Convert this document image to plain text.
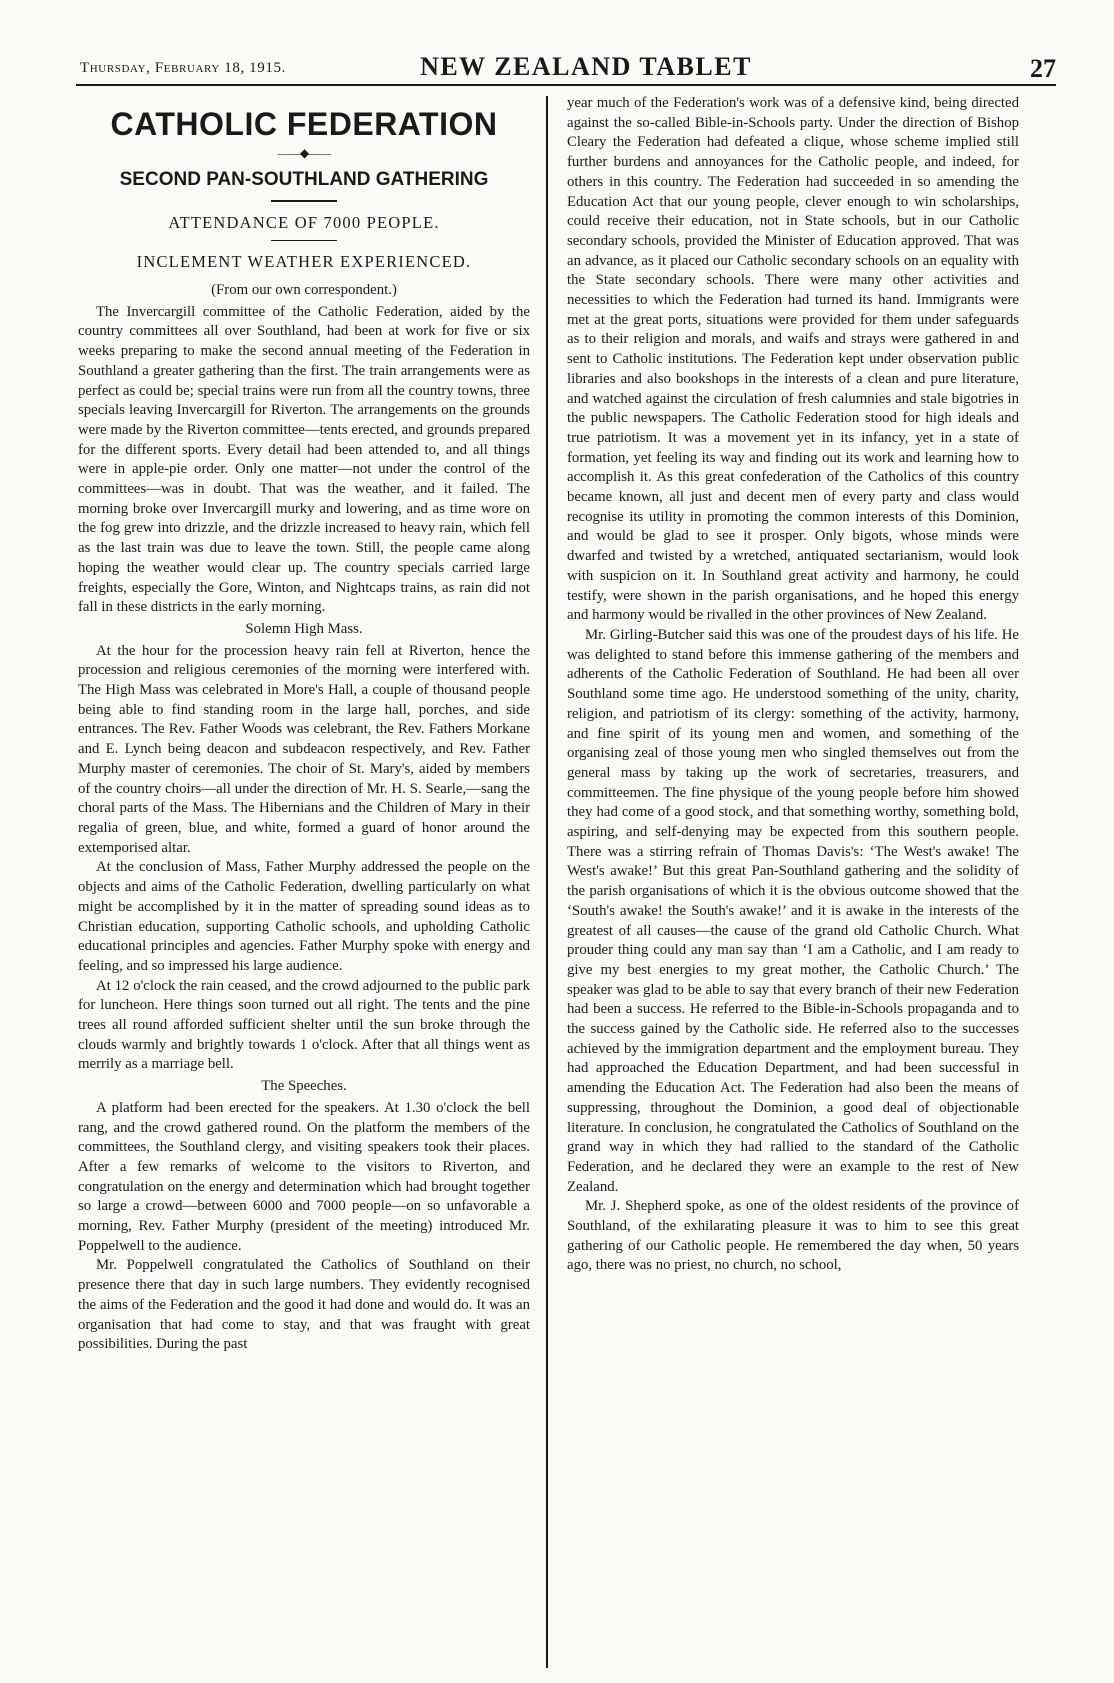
Thursday, February 18, 1915.	NEW ZEALAND TABLET	27
CATHOLIC FEDERATION
——◆——
SECOND PAN-SOUTHLAND GATHERING
ATTENDANCE OF 7000 PEOPLE.
INCLEMENT WEATHER EXPERIENCED.
(From our own correspondent.)

The Invercargill committee of the Catholic Federation, aided by the country committees all over Southland, had been at work for five or six weeks preparing to make the second annual meeting of the Federation in Southland a greater gathering than the first. The train arrangements were as perfect as could be; special trains were run from all the country towns, three specials leaving Invercargill for Riverton. The arrangements on the grounds were made by the Riverton committee—tents erected, and grounds prepared for the different sports. Every detail had been attended to, and all things were in apple-pie order. Only one matter—not under the control of the committees—was in doubt. That was the weather, and it failed. The morning broke over Invercargill murky and lowering, and as time wore on the fog grew into drizzle, and the drizzle increased to heavy rain, which fell as the last train was due to leave the town. Still, the people came along hoping the weather would clear up. The country specials carried large freights, especially the Gore, Winton, and Nightcaps trains, as rain did not fall in these districts in the early morning.

Solemn High Mass.

At the hour for the procession heavy rain fell at Riverton, hence the procession and religious ceremonies of the morning were interfered with. The High Mass was celebrated in More's Hall, a couple of thousand people being able to find standing room in the large hall, porches, and side entrances. The Rev. Father Woods was celebrant, the Rev. Fathers Morkane and E. Lynch being deacon and subdeacon respectively, and Rev. Father Murphy master of ceremonies. The choir of St. Mary's, aided by members of the country choirs—all under the direction of Mr. H. S. Searle,—sang the choral parts of the Mass. The Hibernians and the Children of Mary in their regalia of green, blue, and white, formed a guard of honor around the extemporised altar.

At the conclusion of Mass, Father Murphy addressed the people on the objects and aims of the Catholic Federation, dwelling particularly on what might be accomplished by it in the matter of spreading sound ideas as to Christian education, supporting Catholic schools, and upholding Catholic educational principles and agencies. Father Murphy spoke with energy and feeling, and so impressed his large audience.

At 12 o'clock the rain ceased, and the crowd adjourned to the public park for luncheon. Here things soon turned out all right. The tents and the pine trees all round afforded sufficient shelter until the sun broke through the clouds warmly and brightly towards 1 o'clock. After that all things went as merrily as a marriage bell.

The Speeches.

A platform had been erected for the speakers. At 1.30 o'clock the bell rang, and the crowd gathered round. On the platform the members of the committees, the Southland clergy, and visiting speakers took their places. After a few remarks of welcome to the visitors to Riverton, and congratulation on the energy and determination which had brought together so large a crowd—between 6000 and 7000 people—on so unfavorable a morning, Rev. Father Murphy (president of the meeting) introduced Mr. Poppelwell to the audience.

Mr. Poppelwell congratulated the Catholics of Southland on their presence there that day in such large numbers. They evidently recognised the aims of the Federation and the good it had done and would do. It was an organisation that had come to stay, and that was fraught with great possibilities. During the past

year much of the Federation's work was of a defensive kind, being directed against the so-called Bible-in-Schools party. Under the direction of Bishop Cleary the Federation had defeated a clique, whose scheme implied still further burdens and annoyances for the Catholic people, and indeed, for others in this country. The Federation had succeeded in so amending the Education Act that our young people, clever enough to win scholarships, could receive their education, not in State schools, but in our Catholic secondary schools, provided the Minister of Education approved. That was an advance, as it placed our Catholic secondary schools on an equality with the State secondary schools. There were many other activities and necessities to which the Federation had turned its hand. Immigrants were met at the great ports, situations were provided for them under safeguards as to their religion and morals, and waifs and strays were gathered in and sent to Catholic institutions. The Federation kept under observation public libraries and also bookshops in the interests of a clean and pure literature, and watched against the circulation of fresh calumnies and stale bigotries in the public newspapers. The Catholic Federation stood for high ideals and true patriotism. It was a movement yet in its infancy, yet in a state of formation, yet feeling its way and finding out its work and learning how to accomplish it. As this great confederation of the Catholics of this country became known, all just and decent men of every party and class would recognise its utility in promoting the common interests of this Dominion, and would be glad to see it prosper. Only bigots, whose minds were dwarfed and twisted by a wretched, antiquated sectarianism, would look with suspicion on it. In Southland great activity and harmony, he could testify, were shown in the parish organisations, and he hoped this energy and harmony would be rivalled in the other provinces of New Zealand.

Mr. Girling-Butcher said this was one of the proudest days of his life. He was delighted to stand before this immense gathering of the members and adherents of the Catholic Federation of Southland. He had been all over Southland some time ago. He understood something of the unity, charity, religion, and patriotism of its clergy: something of the activity, harmony, and fine spirit of its young men and women, and something of the organising zeal of those young men who singled themselves out from the general mass by taking up the work of secretaries, treasurers, and committeemen. The fine physique of the young people before him showed they had come of a good stock, and that something worthy, something bold, aspiring, and self-denying may be expected from this southern people. There was a stirring refrain of Thomas Davis's: ‘The West's awake! The West's awake!’ But this great Pan-Southland gathering and the solidity of the parish organisations of which it is the obvious outcome showed that the ‘South's awake! the South's awake!’ and it is awake in the interests of the greatest of all causes—the cause of the grand old Catholic Church. What prouder thing could any man say than ‘I am a Catholic, and I am ready to give my best energies to my great mother, the Catholic Church.’ The speaker was glad to be able to say that every branch of their new Federation had been a success. He referred to the Bible-in-Schools propaganda and to the success gained by the Catholic side. He referred also to the successes achieved by the immigration department and the employment bureau. They had approached the Education Department, and had been successful in amending the Education Act. The Federation had also been the means of suppressing, throughout the Dominion, a good deal of objectionable literature. In conclusion, he congratulated the Catholics of Southland on the grand way in which they had rallied to the standard of the Catholic Federation, and he declared they were an example to the rest of New Zealand.

Mr. J. Shepherd spoke, as one of the oldest residents of the province of Southland, of the exhilarating pleasure it was to him to see this great gathering of our Catholic people. He remembered the day when, 50 years ago, there was no priest, no church, no school,
